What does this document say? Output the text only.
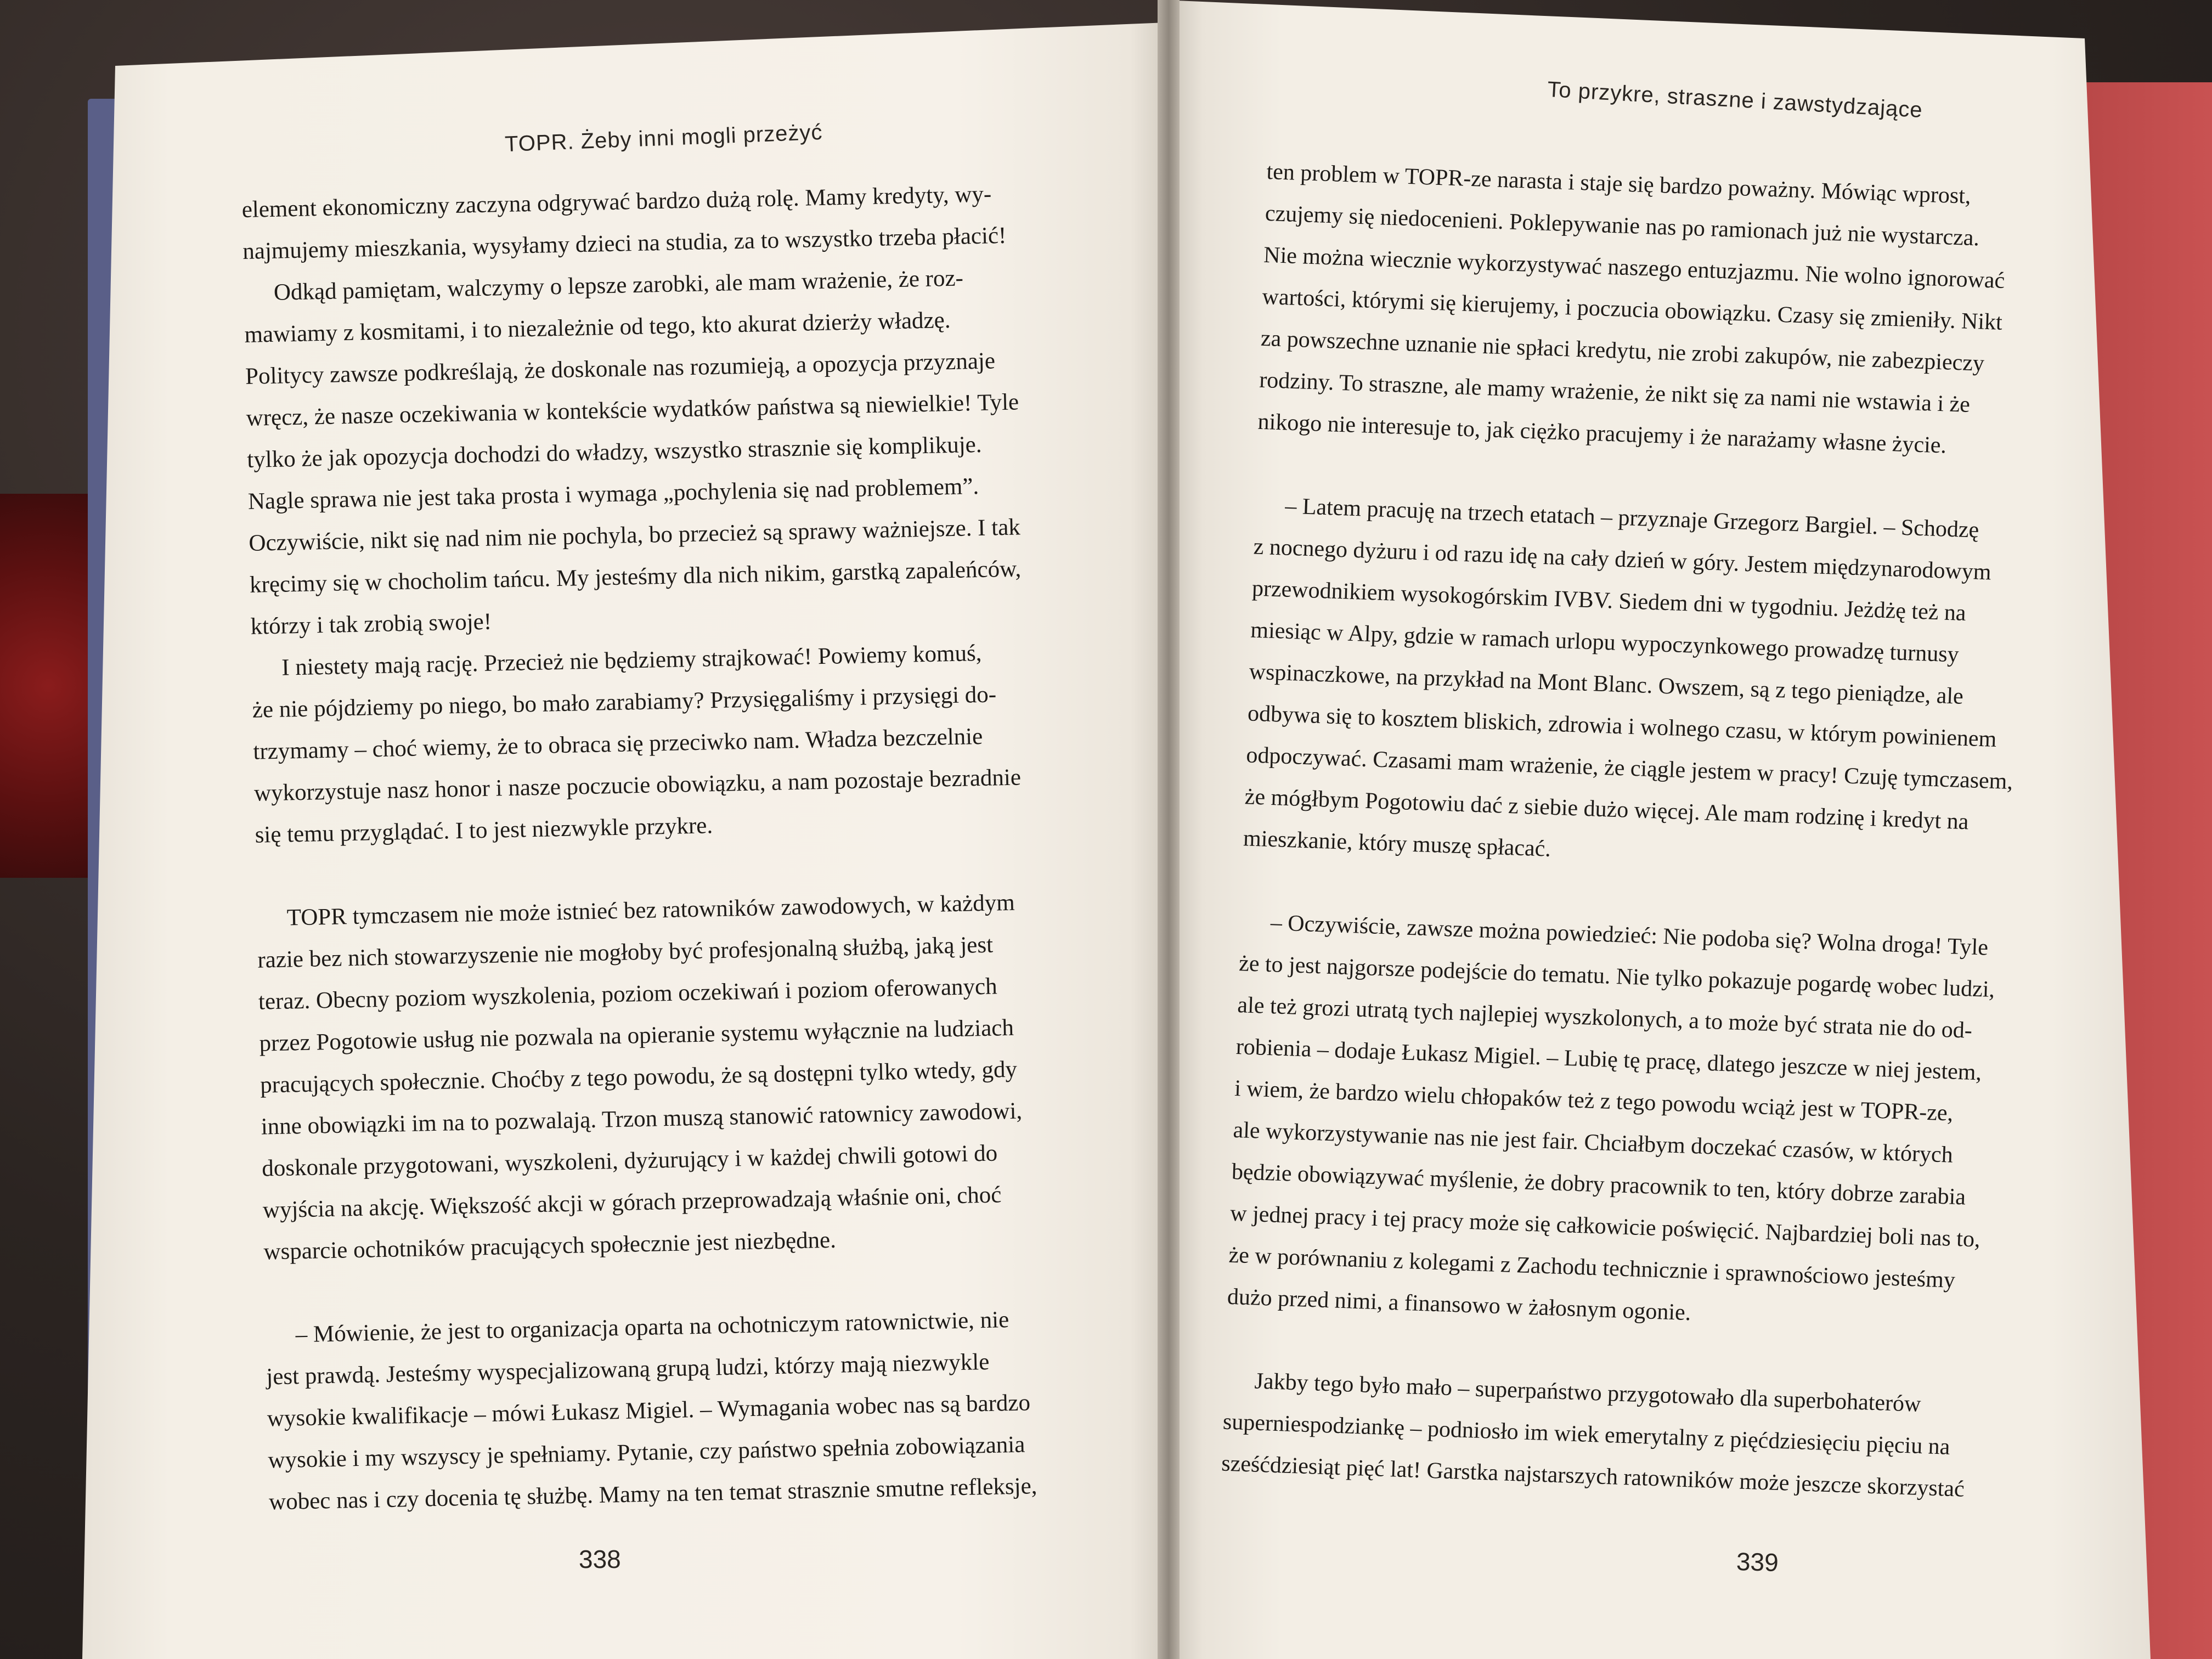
TOPR. Żeby inni mogli przeżyć
To przykre, straszne i zawstydzające

element ekonomiczny zaczyna odgrywać bardzo dużą rolę. Mamy kredyty, wy-

najmujemy mieszkania, wysyłamy dzieci na studia, za to wszystko trzeba płacić!

Odkąd pamiętam, walczymy o lepsze zarobki, ale mam wrażenie, że roz-

mawiamy z kosmitami, i to niezależnie od tego, kto akurat dzierży władzę.

Politycy zawsze podkreślają, że doskonale nas rozumieją, a opozycja przyznaje

wręcz, że nasze oczekiwania w kontekście wydatków państwa są niewielkie! Tyle

tylko że jak opozycja dochodzi do władzy, wszystko strasznie się komplikuje.

Nagle sprawa nie jest taka prosta i wymaga „pochylenia się nad problemem”.

Oczywiście, nikt się nad nim nie pochyla, bo przecież są sprawy ważniejsze. I tak

kręcimy się w chocholim tańcu. My jesteśmy dla nich nikim, garstką zapaleńców,

którzy i tak zrobią swoje!

I niestety mają rację. Przecież nie będziemy strajkować! Powiemy komuś,

że nie pójdziemy po niego, bo mało zarabiamy? Przysięgaliśmy i przysięgi do-

trzymamy – choć wiemy, że to obraca się przeciwko nam. Władza bezczelnie

wykorzystuje nasz honor i nasze poczucie obowiązku, a nam pozostaje bezradnie

się temu przyglądać. I to jest niezwykle przykre.

TOPR tymczasem nie może istnieć bez ratowników zawodowych, w każdym

razie bez nich stowarzyszenie nie mogłoby być profesjonalną służbą, jaką jest

teraz. Obecny poziom wyszkolenia, poziom oczekiwań i poziom oferowanych

przez Pogotowie usług nie pozwala na opieranie systemu wyłącznie na ludziach

pracujących społecznie. Choćby z tego powodu, że są dostępni tylko wtedy, gdy

inne obowiązki im na to pozwalają. Trzon muszą stanowić ratownicy zawodowi,

doskonale przygotowani, wyszkoleni, dyżurujący i w każdej chwili gotowi do

wyjścia na akcję. Większość akcji w górach przeprowadzają właśnie oni, choć

wsparcie ochotników pracujących społecznie jest niezbędne.

– Mówienie, że jest to organizacja oparta na ochotniczym ratownictwie, nie

jest prawdą. Jesteśmy wyspecjalizowaną grupą ludzi, którzy mają niezwykle

wysokie kwalifikacje – mówi Łukasz Migiel. – Wymagania wobec nas są bardzo

wysokie i my wszyscy je spełniamy. Pytanie, czy państwo spełnia zobowiązania

wobec nas i czy docenia tę służbę. Mamy na ten temat strasznie smutne refleksje,

ten problem w TOPR-ze narasta i staje się bardzo poważny. Mówiąc wprost,

czujemy się niedocenieni. Poklepywanie nas po ramionach już nie wystarcza.

Nie można wiecznie wykorzystywać naszego entuzjazmu. Nie wolno ignorować

wartości, którymi się kierujemy, i poczucia obowiązku. Czasy się zmieniły. Nikt

za powszechne uznanie nie spłaci kredytu, nie zrobi zakupów, nie zabezpieczy

rodziny. To straszne, ale mamy wrażenie, że nikt się za nami nie wstawia i że

nikogo nie interesuje to, jak ciężko pracujemy i że narażamy własne życie.

– Latem pracuję na trzech etatach – przyznaje Grzegorz Bargiel. – Schodzę

z nocnego dyżuru i od razu idę na cały dzień w góry. Jestem międzynarodowym

przewodnikiem wysokogórskim IVBV. Siedem dni w tygodniu. Jeżdżę też na

miesiąc w Alpy, gdzie w ramach urlopu wypoczynkowego prowadzę turnusy

wspinaczkowe, na przykład na Mont Blanc. Owszem, są z tego pieniądze, ale

odbywa się to kosztem bliskich, zdrowia i wolnego czasu, w którym powinienem

odpoczywać. Czasami mam wrażenie, że ciągle jestem w pracy! Czuję tymczasem,

że mógłbym Pogotowiu dać z siebie dużo więcej. Ale mam rodzinę i kredyt na

mieszkanie, który muszę spłacać.

– Oczywiście, zawsze można powiedzieć: Nie podoba się? Wolna droga! Tyle

że to jest najgorsze podejście do tematu. Nie tylko pokazuje pogardę wobec ludzi,

ale też grozi utratą tych najlepiej wyszkolonych, a to może być strata nie do od-

robienia – dodaje Łukasz Migiel. – Lubię tę pracę, dlatego jeszcze w niej jestem,

i wiem, że bardzo wielu chłopaków też z tego powodu wciąż jest w TOPR-ze,

ale wykorzystywanie nas nie jest fair. Chciałbym doczekać czasów, w których

będzie obowiązywać myślenie, że dobry pracownik to ten, który dobrze zarabia

w jednej pracy i tej pracy może się całkowicie poświęcić. Najbardziej boli nas to,

że w porównaniu z kolegami z Zachodu technicznie i sprawnościowo jesteśmy

dużo przed nimi, a finansowo w żałosnym ogonie.

Jakby tego było mało – superpaństwo przygotowało dla superbohaterów

superniespodziankę – podniosło im wiek emerytalny z pięćdziesięciu pięciu na

sześćdziesiąt pięć lat! Garstka najstarszych ratowników może jeszcze skorzystać

338	339
